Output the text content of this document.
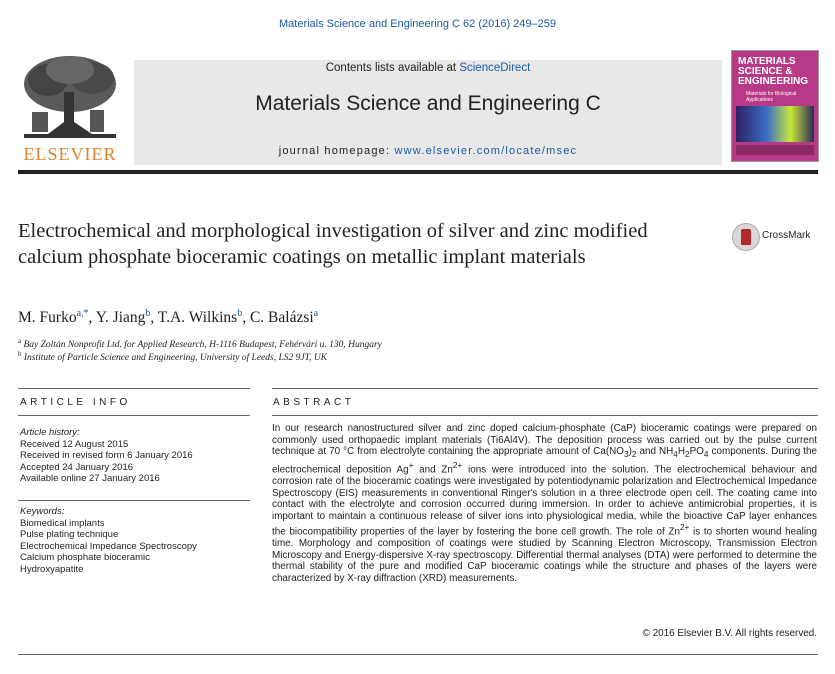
Materials Science and Engineering C 62 (2016) 249–259
ELSEVIER
Contents lists available at ScienceDirect
Materials Science and Engineering C
journal homepage: www.elsevier.com/locate/msec
MATERIALS
SCIENCE &
ENGINEERING
Materials for Biological Applications
Electrochemical and morphological investigation of silver and zinc modified calcium phosphate bioceramic coatings on metallic implant materials
CrossMark
M. Furko$^{a,*}$, Y. Jiang$^b$, T.A. Wilkins$^b$, C. Balázsi$^a$
$^a$ Bay Zoltán Nonprofit Ltd. for Applied Research, H-1116 Budapest, Fehérvári u. 130, Hungary
$^b$ Institute of Particle Science and Engineering, University of Leeds, LS2 9JT, UK
ARTICLE INFO	ABSTRACT
Article history:
Received 12 August 2015
Received in revised form 6 January 2016
Accepted 24 January 2016
Available online 27 January 2016
Keywords:
Biomedical implants
Pulse plating technique
Electrochemical Impedance Spectroscopy
Calcium phosphate bioceramic
Hydroxyapatite
In our research nanostructured silver and zinc doped calcium-phosphate (CaP) bioceramic coatings were prepared on commonly used orthopaedic implant materials (Ti6Al4V). The deposition process was carried out by the pulse current technique at 70 °C from electrolyte containing the appropriate amount of $Ca(NO_3)_2$ and $NH_4H_2PO_4$ components. During the electrochemical deposition Ag+ and $Zn^{2+}$ ions were introduced into the solution. The electrochemical behaviour and corrosion rate of the bioceramic coatings were investigated by potentiodynamic polarization and Electrochemical Impedance Spectroscopy (EIS) measurements in conventional Ringer's solution in a three electrode open cell. The coating came into contact with the electrolyte and corrosion occurred during immersion. In order to achieve antimicrobial properties, it is important to maintain a continuous release of silver ions into physiological media, while the bioactive CaP layer enhances the biocompatibility properties of the layer by fostering the bone cell growth. The role of $Zn^{2+}$ is to shorten wound healing time. Morphology and composition of coatings were studied by Scanning Electron Microscopy, Transmission Electron Microscopy and Energy-dispersive X-ray spectroscopy. Differential thermal analyses (DTA) were performed to determine the thermal stability of the pure and modified CaP bioceramic coatings while the structure and phases of the layers were characterized by X-ray diffraction (XRD) measurements.
© 2016 Elsevier B.V. All rights reserved.
